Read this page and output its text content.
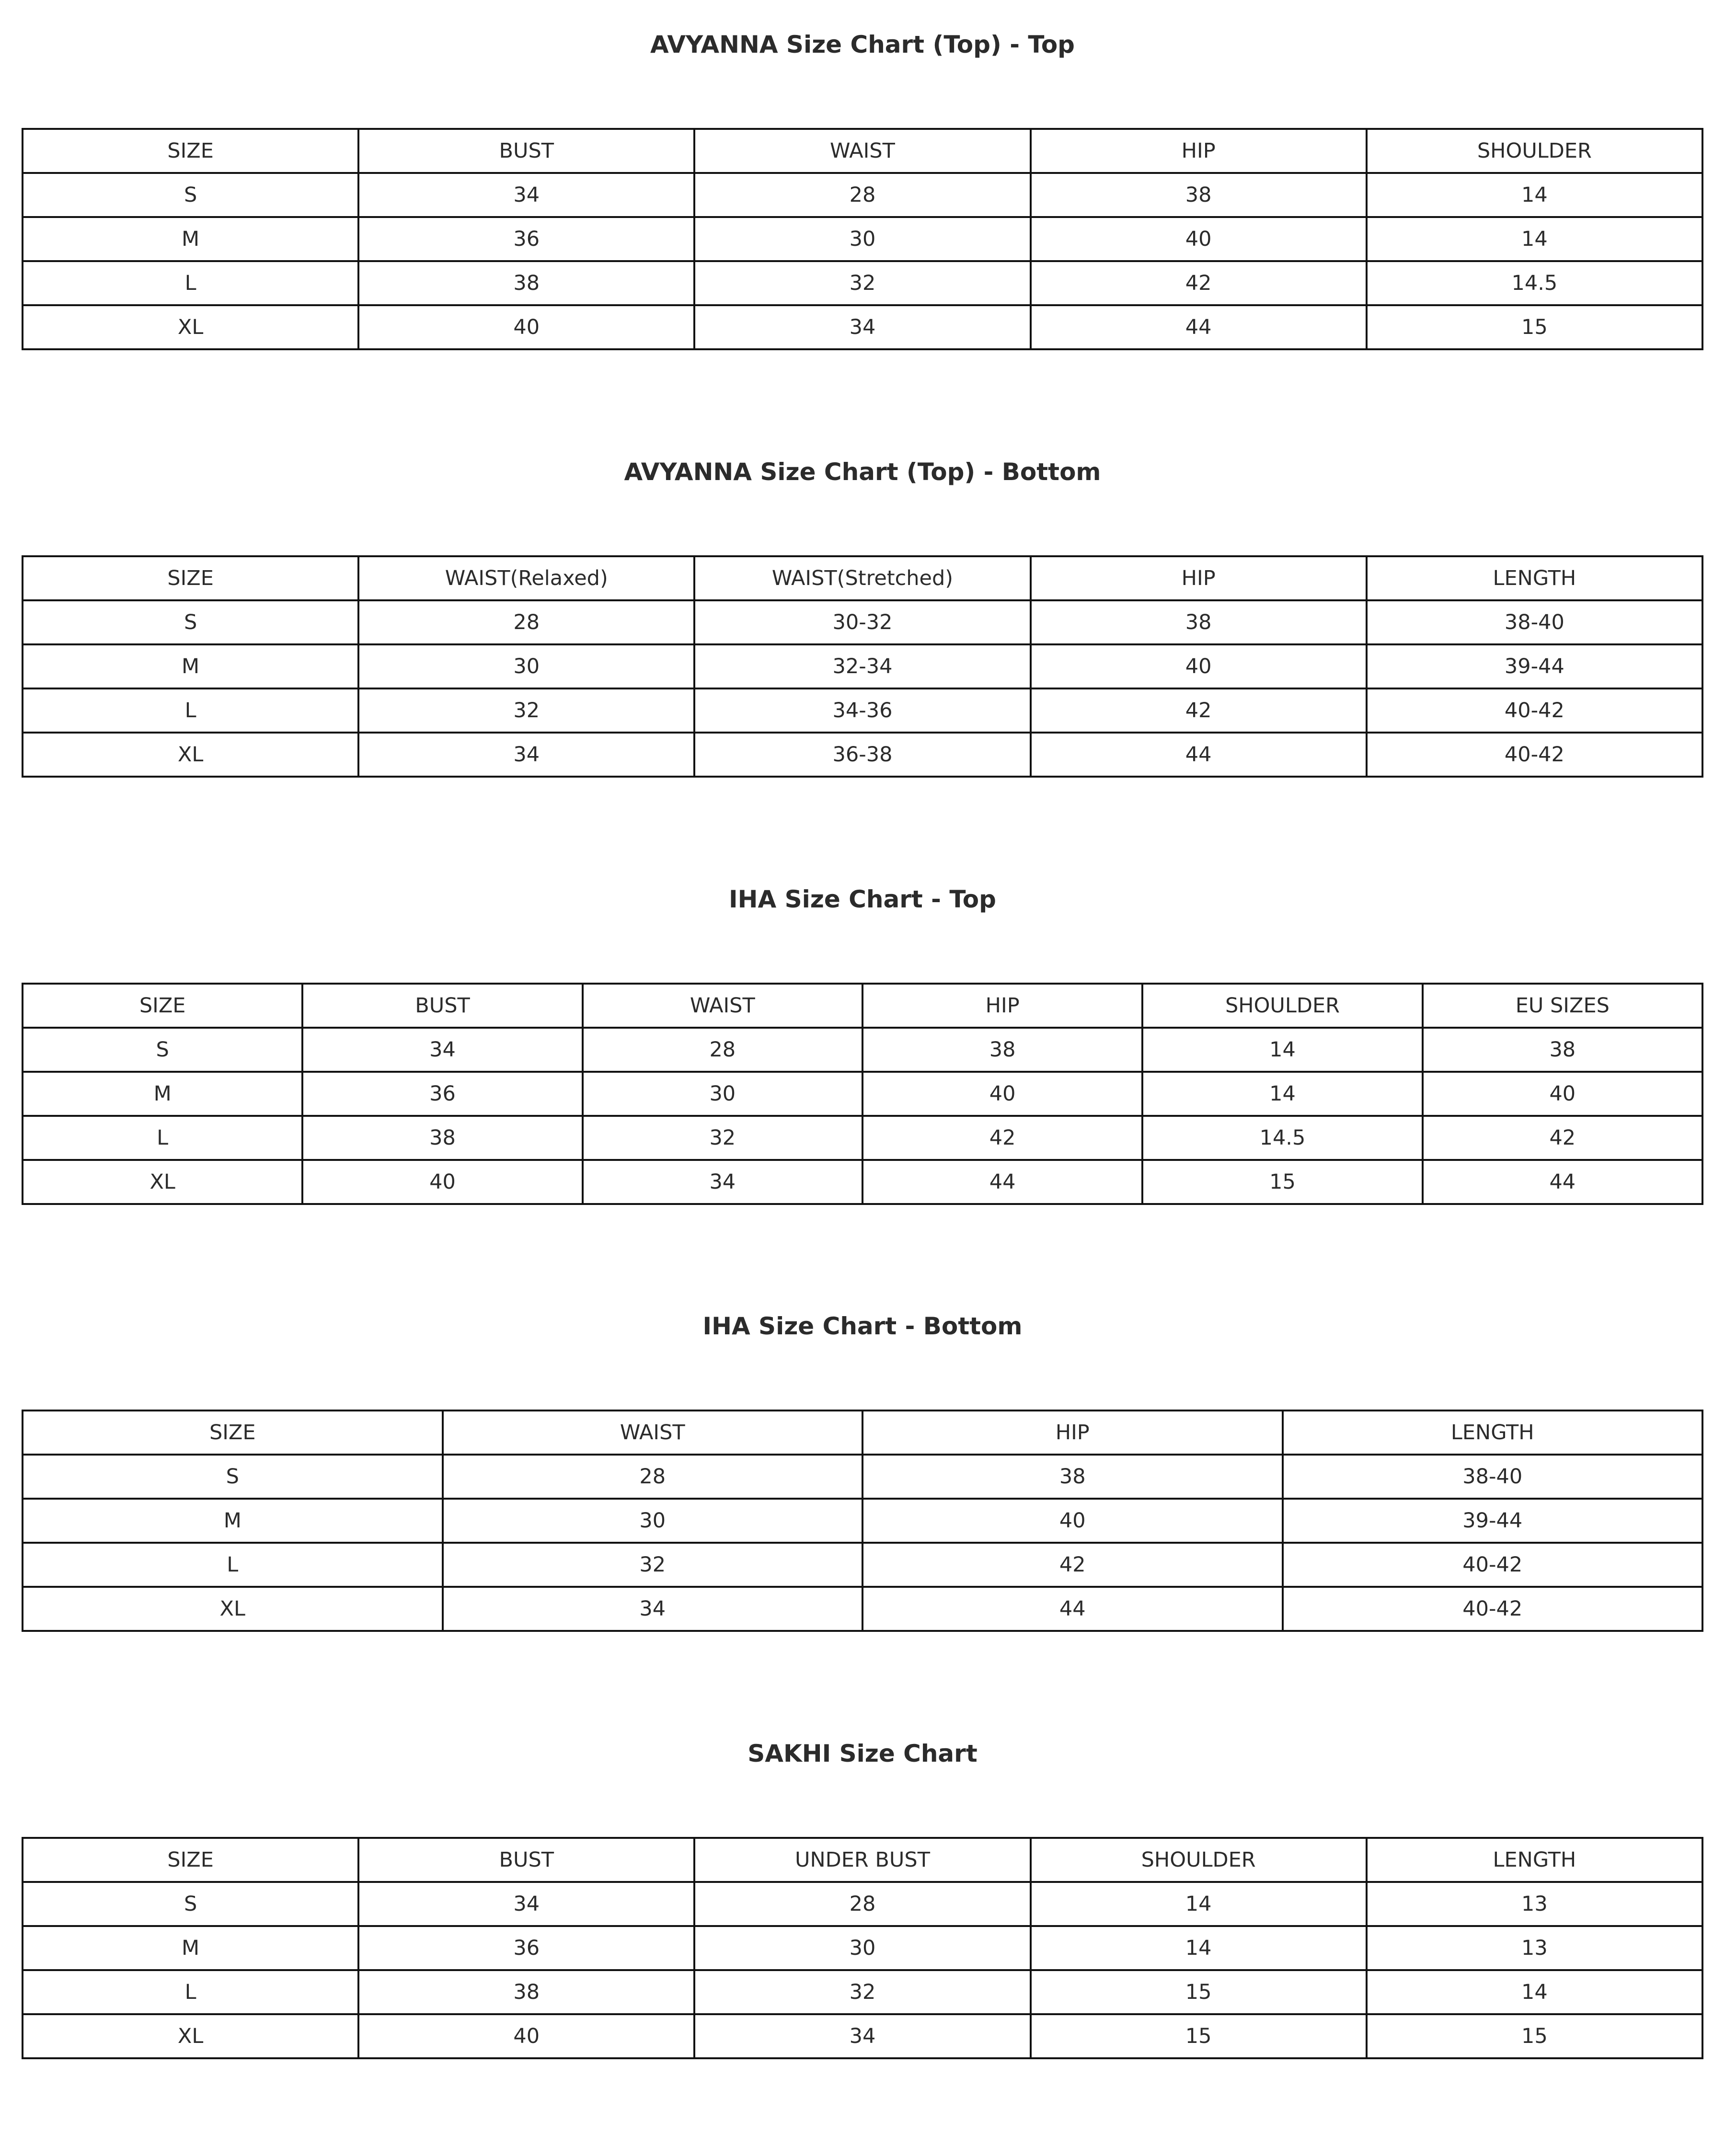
AVYANNA Size Chart (Top) - Top
SIZE	BUST	WAIST	HIP	SHOULDER
S	34	28	38	14
M	36	30	40	14
L	38	32	42	14.5
XL	40	34	44	15
AVYANNA Size Chart (Top) - Bottom
SIZE	WAIST(Relaxed)	WAIST(Stretched)	HIP	LENGTH
S	28	30-32	38	38-40
M	30	32-34	40	39-44
L	32	34-36	42	40-42
XL	34	36-38	44	40-42
IHA Size Chart - Top
SIZE	BUST	WAIST	HIP	SHOULDER	EU SIZES
S	34	28	38	14	38
M	36	30	40	14	40
L	38	32	42	14.5	42
XL	40	34	44	15	44
IHA Size Chart - Bottom
SIZE	WAIST	HIP	LENGTH
S	28	38	38-40
M	30	40	39-44
L	32	42	40-42
XL	34	44	40-42
SAKHI Size Chart
SIZE	BUST	UNDER BUST	SHOULDER	LENGTH
S	34	28	14	13
M	36	30	14	13
L	38	32	15	14
XL	40	34	15	15
